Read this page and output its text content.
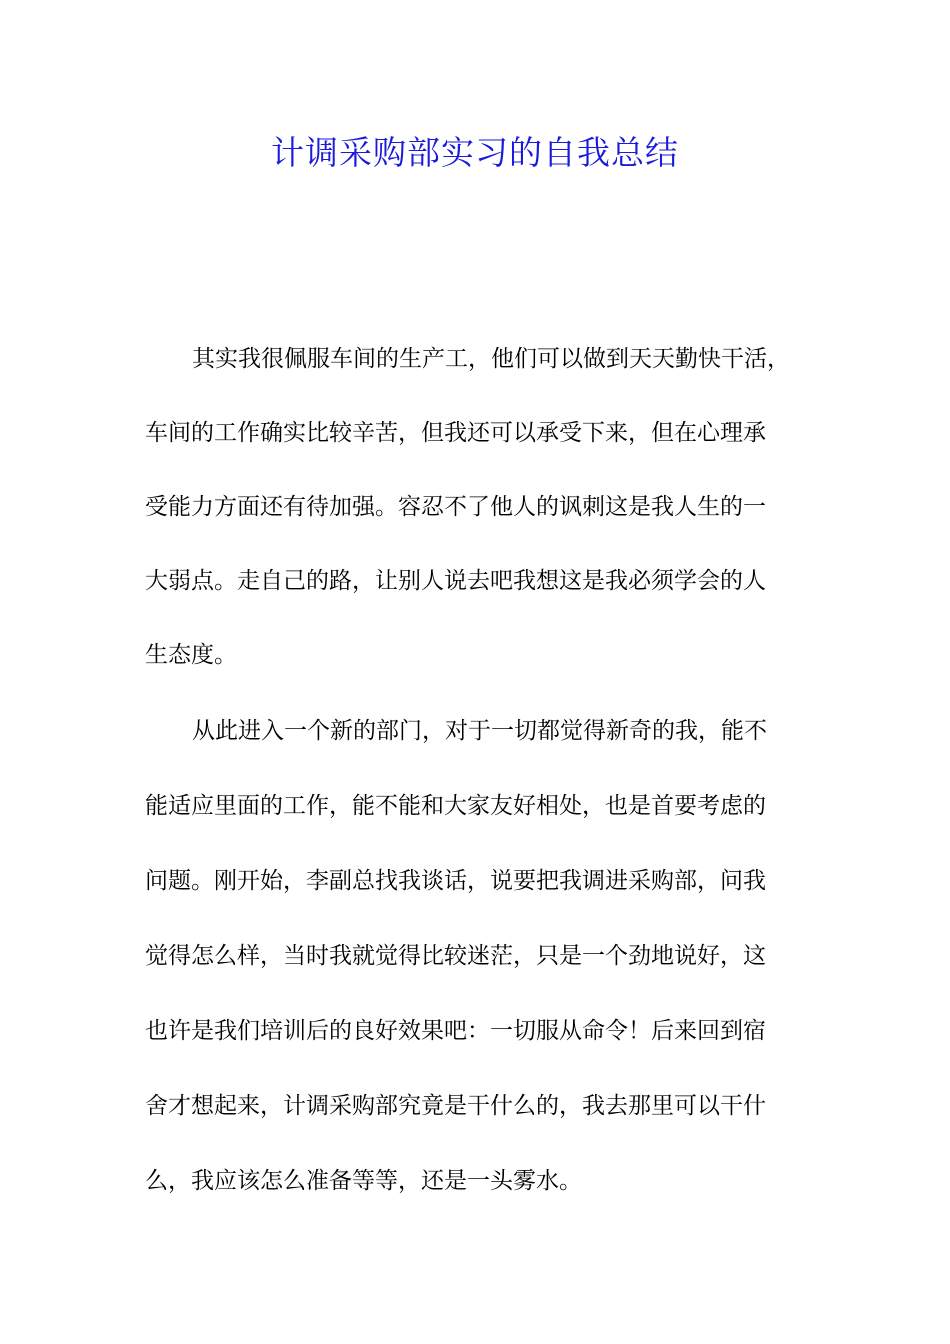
计调采购部实习的自我总结
其实我很佩服车间的生产工，他们可以做到天天勤快干活，
车间的工作确实比较辛苦，但我还可以承受下来，但在心理承
受能力方面还有待加强。容忍不了他人的讽刺这是我人生的一
大弱点。走自己的路，让别人说去吧我想这是我必须学会的人
生态度。
从此进入一个新的部门，对于一切都觉得新奇的我，能不
能适应里面的工作，能不能和大家友好相处，也是首要考虑的
问题。刚开始，李副总找我谈话，说要把我调进采购部，问我
觉得怎么样，当时我就觉得比较迷茫，只是一个劲地说好，这
也许是我们培训后的良好效果吧：一切服从命令！后来回到宿
舍才想起来，计调采购部究竟是干什么的，我去那里可以干什
么，我应该怎么准备等等，还是一头雾水。
